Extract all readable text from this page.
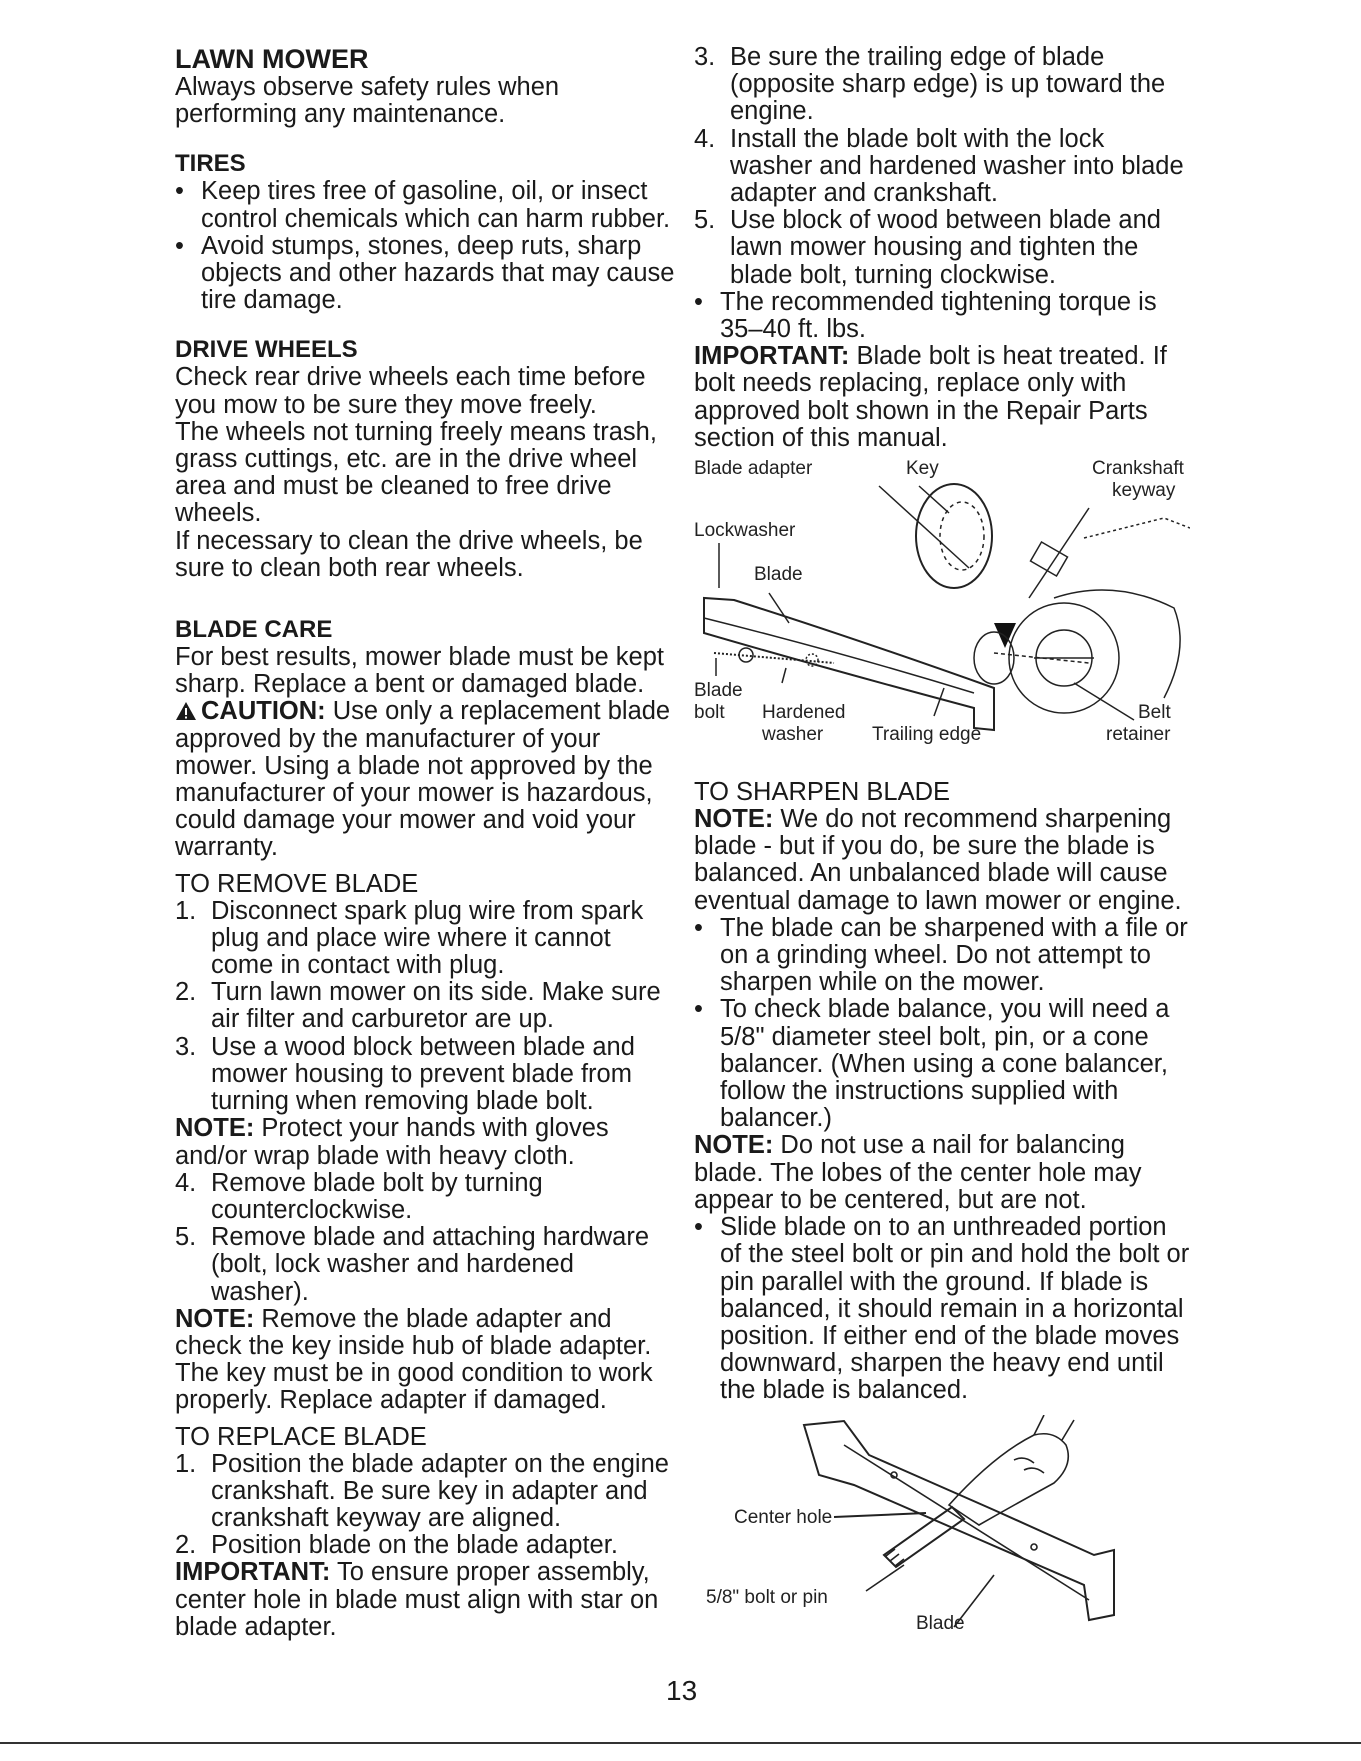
LAWN MOWER

Always observe safety rules when performing any maintenance.

TIRES
• Keep tires free of gasoline, oil, or insect control chemicals which can harm rubber.
• Avoid stumps, stones, deep ruts, sharp objects and other hazards that may cause tire damage.
DRIVE WHEELS

Check rear drive wheels each time before you mow to be sure they move freely.

The wheels not turning freely means trash, grass cuttings, etc. are in the drive wheel area and must be cleaned to free drive wheels.

If necessary to clean the drive wheels, be sure to clean both rear wheels.

BLADE CARE

For best results, mower blade must be kept sharp. Replace a bent or damaged blade.

CAUTION: Use only a replacement blade approved by the manufacturer of your mower. Using a blade not approved by the manufacturer of your mower is hazardous, could damage your mower and void your warranty.

TO REMOVE BLADE
1. Disconnect spark plug wire from spark plug and place wire where it cannot come in contact with plug.
2. Turn lawn mower on its side. Make sure air filter and carburetor are up.
3. Use a wood block between blade and mower housing to prevent blade from turning when removing blade bolt.

NOTE: Protect your hands with gloves and/or wrap blade with heavy cloth.

4. Remove blade bolt by turning counterclockwise.
5. Remove blade and attaching hardware (bolt, lock washer and hardened washer).

NOTE: Remove the blade adapter and check the key inside hub of blade adapter. The key must be in good condition to work properly. Replace adapter if damaged.

TO REPLACE BLADE
1. Position the blade adapter on the engine crankshaft. Be sure key in adapter and crankshaft keyway are aligned.
2. Position blade on the blade adapter.

IMPORTANT: To ensure proper assembly, center hole in blade must align with star on blade adapter.

3. Be sure the trailing edge of blade (opposite sharp edge) is up toward the engine.
4. Install the blade bolt with the lock washer and hardened washer into blade adapter and crankshaft.
5. Use block of wood between blade and lawn mower housing and tighten the blade bolt, turning clockwise.
• The recommended tightening torque is 35–40 ft. lbs.

IMPORTANT: Blade bolt is heat treated. If bolt needs replacing, replace only with approved bolt shown in the Repair Parts section of this manual.

Blade adapter	Key	Crankshaft
keyway
Lockwasher
Blade
Blade
bolt Hardened
washer	Trailing edge
Belt
retainer
TO SHARPEN BLADE

NOTE: We do not recommend sharpening blade - but if you do, be sure the blade is balanced. An unbalanced blade will cause eventual damage to lawn mower or engine.

• The blade can be sharpened with a file or on a grinding wheel. Do not attempt to sharpen while on the mower.
• To check blade balance, you will need a 5/8" diameter steel bolt, pin, or a cone balancer. (When using a cone balancer, follow the instructions supplied with balancer.)

NOTE: Do not use a nail for balancing blade. The lobes of the center hole may appear to be centered, but are not.

• Slide blade on to an unthreaded portion of the steel bolt or pin and hold the bolt or pin parallel with the ground. If blade is balanced, it should remain in a horizontal position. If either end of the blade moves downward, sharpen the heavy end until the blade is balanced.
Center hole
5/8" bolt or pin
Blade
13
